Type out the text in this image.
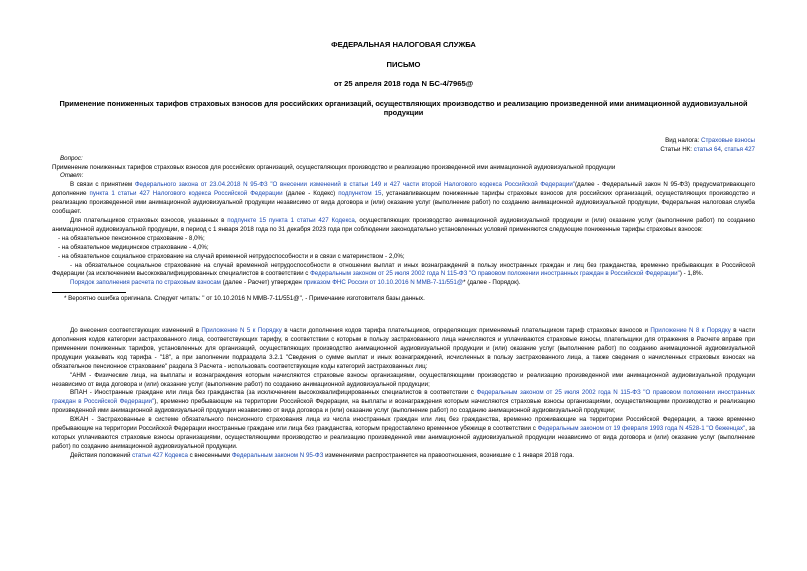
ФЕДЕРАЛЬНАЯ НАЛОГОВАЯ СЛУЖБА
ПИСЬМО
от 25 апреля 2018 года N БС-4/7965@
Применение пониженных тарифов страховых взносов для российских организаций, осуществляющих производство и реализацию произведенной ими анимационной аудиовизуальной продукции
Вид налога: Страховые взносы
Статьи НК: статья 64, статья 427

Вопрос:

Применение пониженных тарифов страховых взносов для российских организаций, осуществляющих производство и реализацию произведенной ими анимационной аудиовизуальной продукции

Ответ:

В связи с принятием Федерального закона от 23.04.2018 N 95-ФЗ "О внесении изменений в статьи 149 и 427 части второй Налогового кодекса Российской Федерации"(далее - Федеральный закон N 95-ФЗ) предусматривающего дополнение пункта 1 статьи 427 Налогового кодекса Российской Федерации (далее - Кодекс) подпунктом 15, устанавливающим пониженные тарифы страховых взносов для российских организаций, осуществляющих производство и реализацию произведенной ими анимационной аудиовизуальной продукции независимо от вида договора и (или) оказание услуг (выполнение работ) по созданию анимационной аудиовизуальной продукции, Федеральная налоговая служба сообщает.

Для плательщиков страховых взносов, указанных в подпункте 15 пункта 1 статьи 427 Кодекса, осуществляющих производство анимационной аудиовизуальной продукции и (или) оказание услуг (выполнение работ) по созданию анимационной аудиовизуальной продукции, в период с 1 января 2018 года по 31 декабря 2023 года при соблюдении законодательно установленных условий применяются следующие пониженные тарифы страховых взносов:

- на обязательное пенсионное страхование - 8,0%;

- на обязательное медицинское страхование - 4,0%;

- на обязательное социальное страхование на случай временной нетрудоспособности и в связи с материнством - 2,0%;

- на обязательное социальное страхование на случай временной нетрудоспособности в отношении выплат и иных вознаграждений в пользу иностранных граждан и лиц без гражданства, временно пребывающих в Российской Федерации (за исключением высококвалифицированных специалистов в соответствии с Федеральным законом от 25 июля 2002 года N 115-ФЗ "О правовом положении иностранных граждан в Российской Федерации") - 1,8%.

Порядок заполнения расчета по страховым взносам (далее - Расчет) утвержден приказом ФНС России от 10.10.2016 N ММВ-7-11/551@* (далее - Порядок).

* Вероятно ошибка оригинала. Следует читать: " от 10.10.2016 N ММВ-7-11/551@", - Примечание изготовителя базы данных.

До внесения соответствующих изменений в Приложение N 5 к Порядку в части дополнения кодов тарифа плательщиков, определяющих применяемый плательщиком тариф страховых взносов и Приложение N 8 к Порядку в части дополнения кодов категории застрахованного лица, соответствующих тарифу, в соответствии с которым в пользу застрахованного лица начисляются и уплачиваются страховые взносы, плательщики для отражения в Расчете вправе при применении пониженных тарифов, установленных для организаций, осуществляющих производство анимационной аудиовизуальной продукции и (или) оказание услуг (выполнение работ) по созданию анимационной аудиовизуальной продукции указывать код тарифа - "18", а при заполнении подраздела 3.2.1 "Сведения о сумме выплат и иных вознаграждений, исчисленных в пользу застрахованного лица, а также сведения о начисленных страховых взносах на обязательное пенсионное страхование" раздела 3 Расчета - использовать соответствующие коды категорий застрахованных лиц:

"АНМ - Физические лица, на выплаты и вознаграждения которым начисляются страховые взносы организациями, осуществляющими производство и реализацию произведенной ими анимационной аудиовизуальной продукции независимо от вида договора и (или) оказание услуг (выполнение работ) по созданию анимационной аудиовизуальной продукции;

ВПАН - Иностранные граждане или лица без гражданства (за исключением высококвалифицированных специалистов в соответствии с Федеральным законом от 25 июля 2002 года N 115-ФЗ "О правовом положении иностранных граждан в Российской Федерации"), временно пребывающие на территории Российской Федерации, на выплаты и вознаграждения которым начисляются страховые взносы организациями, осуществляющими производство и реализацию произведенной ими анимационной аудиовизуальной продукции независимо от вида договора и (или) оказание услуг (выполнение работ) по созданию анимационной аудиовизуальной продукции;

ВЖАН - Застрахованные в системе обязательного пенсионного страхования лица из числа иностранных граждан или лиц без гражданства, временно проживающие на территории Российской Федерации, а также временно пребывающие на территории Российской Федерации иностранные граждане или лица без гражданства, которым предоставлено временное убежище в соответствии с Федеральным законом от 19 февраля 1993 года N 4528-1 "О беженцах", за которых уплачиваются страховые взносы организациями, осуществляющими производство и реализацию произведенной ими анимационной аудиовизуальной продукции независимо от вида договора и (или) оказание услуг (выполнение работ) по созданию анимационной аудиовизуальной продукции.

Действия положений статьи 427 Кодекса с внесенными Федеральным законом N 95-ФЗ изменениями распространяется на правоотношения, возникшие с 1 января 2018 года.
